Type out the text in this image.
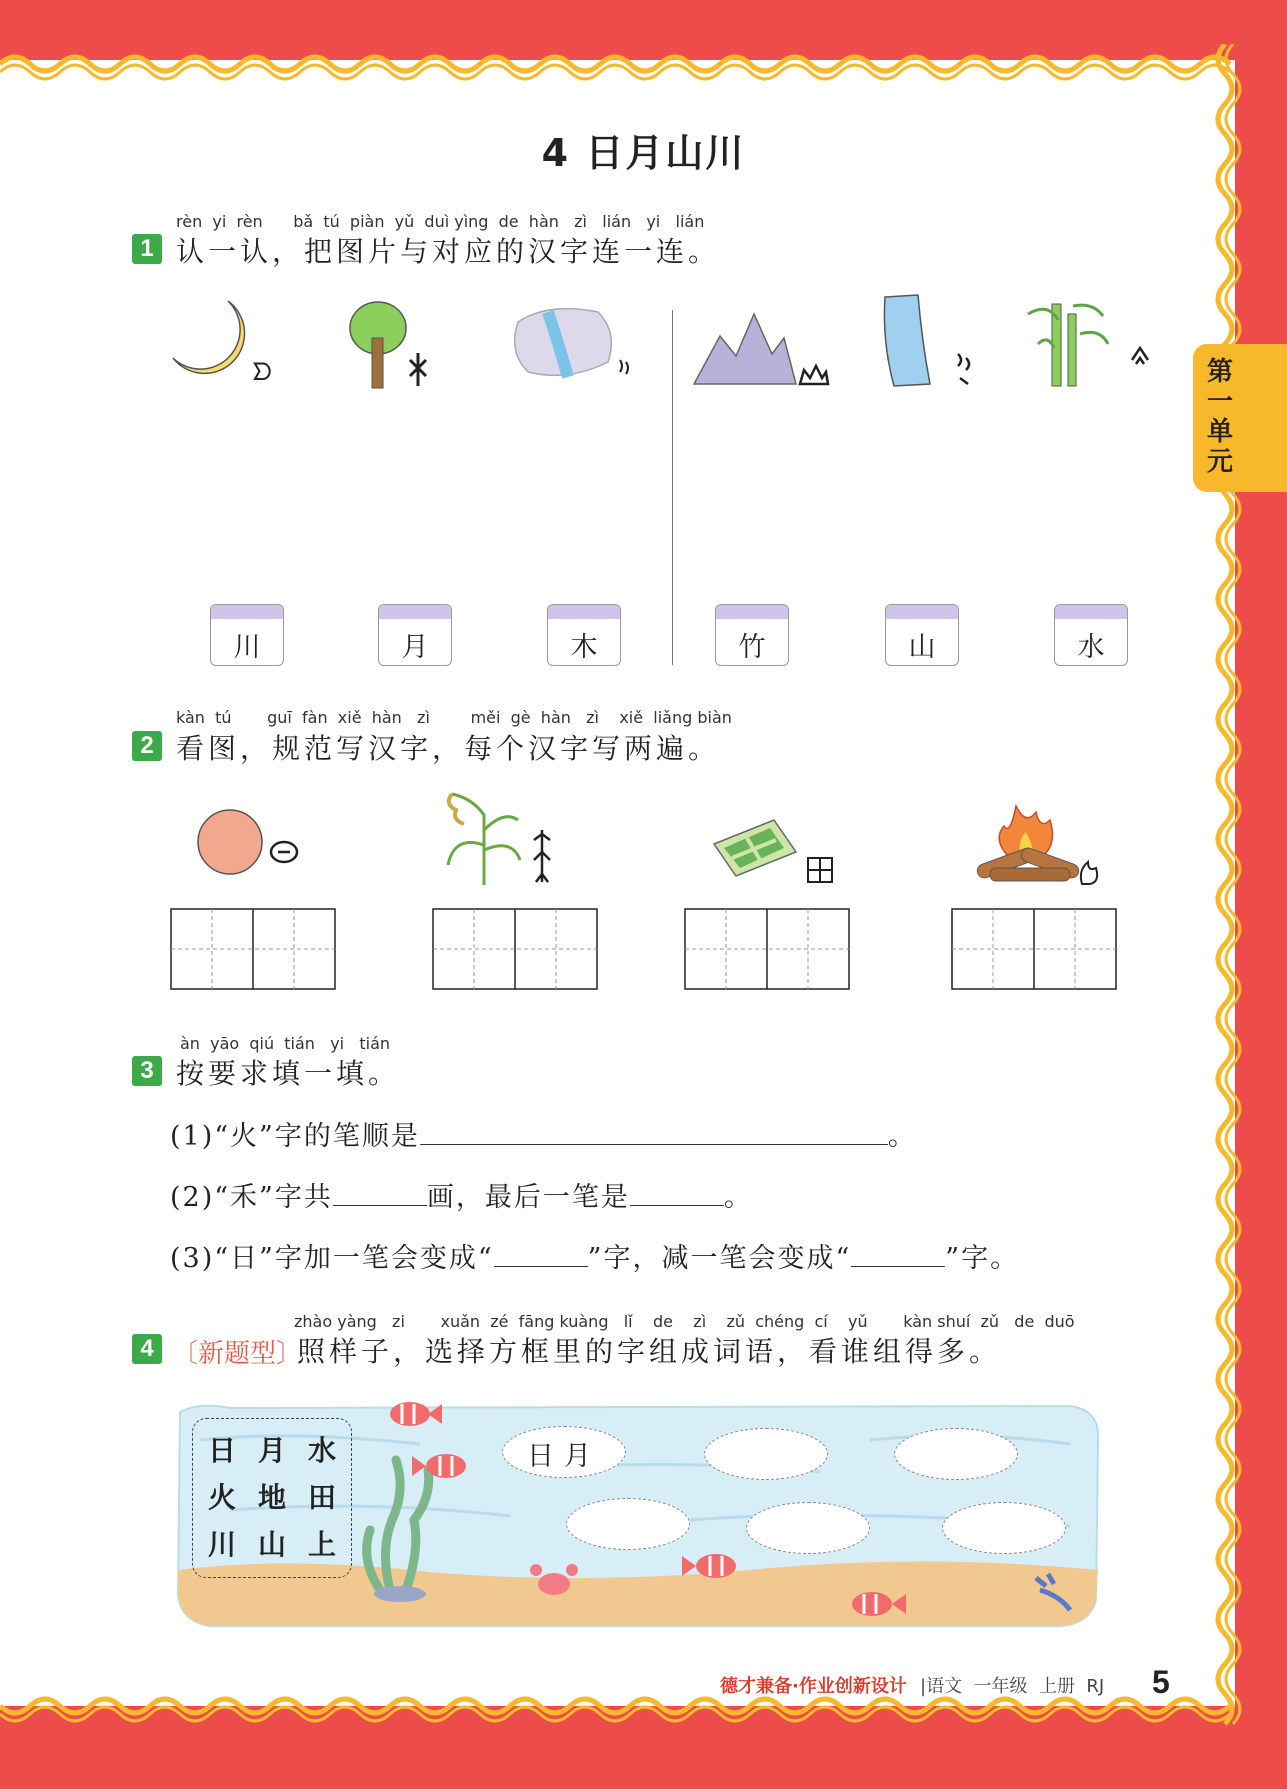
第一单元
4 日月山川
rèn  yi  rèn      bǎ  tú  piàn  yǔ  duì yìng  de  hàn   zì   lián   yi   lián
1 认一认，把图片与对应的汉字连一连。
ᗤ
川	月	木	竹	山	水
kàn  tú       guī  fàn  xiě  hàn   zì        měi  gè  hàn   zì    xiě  liǎng biàn
2 看图，规范写汉字，每个汉字写两遍。
àn  yāo  qiú  tián   yi   tián
3 按要求填一填。
(1)“火”字的笔顺是	。
(2)“禾”字共	画，最后一笔是	。
(3)“日”字加一笔会变成“	”字，减一笔会变成“	”字。
zhào yàng   zi       xuǎn  zé  fāng kuàng   lǐ    de    zì    zǔ  chéng  cí    yǔ       kàn shuí  zǔ   de  duō
4 〔新题型〕
照样子，选择方框里的字组成词语，看谁组得多。
日 月 水
火 地 田
川 山 上
日月
德才兼备·作业创新设计 |语文  一年级  上册  RJ 5
